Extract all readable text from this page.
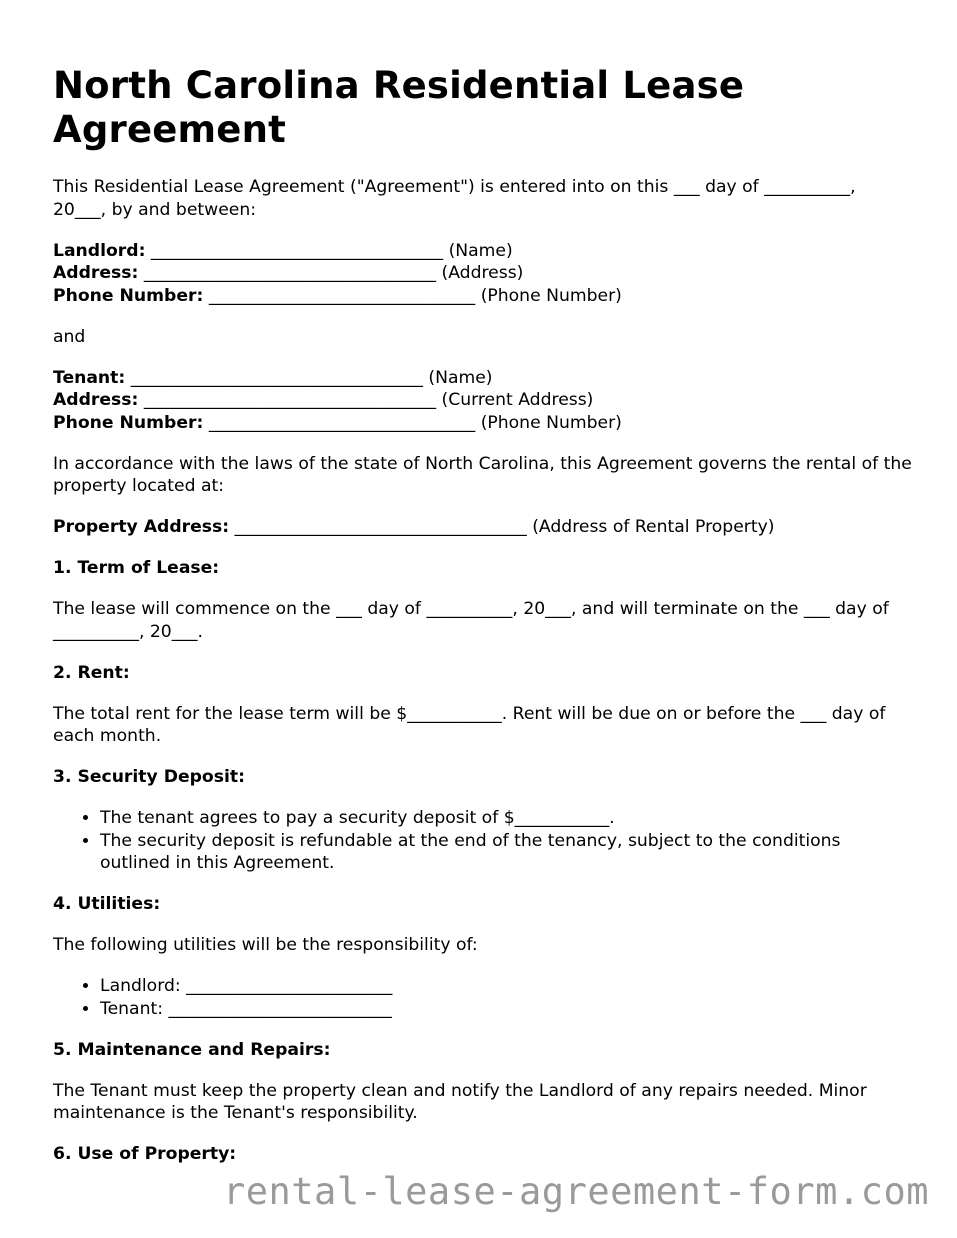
North Carolina Residential Lease Agreement

This Residential Lease Agreement ("Agreement") is entered into on this ___ day of __________, 20___, by and between:

Landlord: __________________________________ (Name)

Address: __________________________________ (Address)

Phone Number: _______________________________ (Phone Number)

and

Tenant: __________________________________ (Name)

Address: __________________________________ (Current Address)

Phone Number: _______________________________ (Phone Number)

In accordance with the laws of the state of North Carolina, this Agreement governs the rental of the property located at:

Property Address: __________________________________ (Address of Rental Property)

1. Term of Lease:

The lease will commence on the ___ day of __________, 20___, and will terminate on the ___ day of __________, 20___.

2. Rent:

The total rent for the lease term will be $___________. Rent will be due on or before the ___ day of each month.

3. Security Deposit:

• The tenant agrees to pay a security deposit of $___________.
• The security deposit is refundable at the end of the tenancy, subject to the conditions outlined in this Agreement.

4. Utilities:

The following utilities will be the responsibility of:

• Landlord: ________________________
• Tenant: __________________________

5. Maintenance and Repairs:

The Tenant must keep the property clean and notify the Landlord of any repairs needed. Minor maintenance is the Tenant's responsibility.

6. Use of Property:

rental-lease-agreement-form.com
